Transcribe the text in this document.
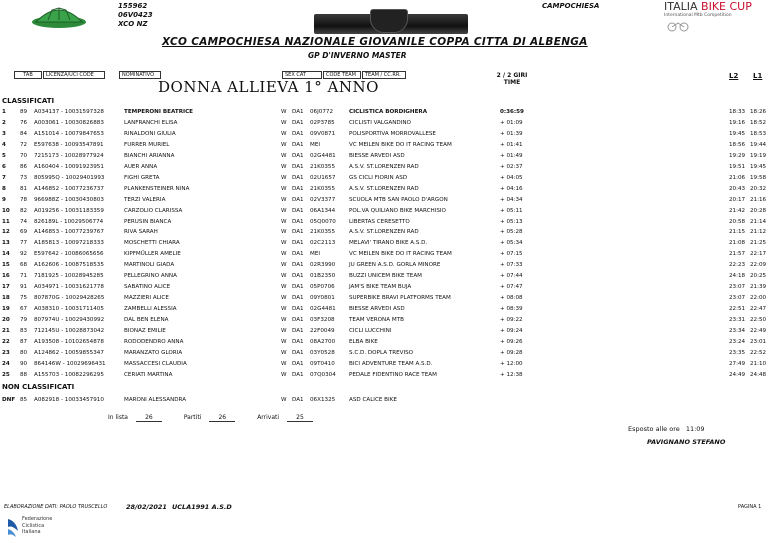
155962
06V0423
XCO NZ
CAMPOCHIESA	ITALIA BIKE CUP
International Mtb Competition
XCO CAMPOCHIESA NAZIONALE GIOVANILE COPPA CITTA DI ALBENGA
GP D'INVERNO MASTER
TAB	LICENZA/UCI CODE	NOMINATIVO	SEX CAT	CODE TEAM	TEAM / CC.RR.	2 / 2 GIRI
TIME
L2 L1
DONNA ALLIEVA 1° ANNO
CLASSIFICATI
1	89 A034137 - 10031597328	TEMPERONI BEATRICE	W DA1 06J0772	CICLISTICA BORDIGHERA	0:36:59	18:33 18:26
2	76 A003061 - 10030826883	LANFRANCHI ELISA	W DA1 02P3785	CICLISTI VALGANDINO	+ 01:09	19:16 18:52
3	84 A151014 - 10079847653	RINALDONI GIULIA	W DA1 09V0871 POLISPORTIVA MORROVALLESE	+ 01:39	19:45 18:53
4	72 E597638 - 10093547891	FURRER MURIEL	W DA1 MEI	VC MEILEN BIKE DO IT RACING TEAM	+ 01:41	18:56 19:44
5	70 7215173 - 10028977924	BIANCHI ARIANNA	W DA1 02G4481 BIESSE ARVEDI ASD	+ 01:49	19:29 19:19
6	86 A160404 - 10091923951	AUER ANNA	W DA1 21K0355 A.S.V. ST.LORENZEN RAD	+ 02:37	19:51 19:45
7	73 805995Q - 10029401993	FIGHI GRETA	W DA1 02U1657 GS CICLI FIORIN ASD	+ 04:05	21:06 19:58
8	81 A146852 - 10077236737	PLANKENSTEINER NINA	W DA1 21K0355 A.S.V. ST.LORENZEN RAD	+ 04:16	20:43 20:32
9	78 966988Z - 10030430803	TERZI VALERIA	W DA1 02V3377 SCUOLA MTB SAN PAOLO D'ARGON	+ 04:34	20:17 21:16
10 82 A019256 - 10031183359	CARZOLIO CLARISSA	W DA1 06A1344 POL.VA QUILIANO BIKE MARCHISIO	+ 05:11	21:42 20:28
11 74 826189L - 10029506774	PERUSIN BIANCA	W DA1 05Q0070 LIBERTAS CERESETTO	+ 05:13	20:58 21:14
12 69 A146853 - 10077239767	RIVA SARAH	W DA1 21K0355 A.S.V. ST.LORENZEN RAD	+ 05:28	21:15 21:12
13 77 A185813 - 10097218333	MOSCHETTI CHIARA	W DA1 02C2113 MELAVI' TIRANO BIKE A.S.D.	+ 05:34	21:08 21:25
14 92 E597642 - 10086065656	KIPFMÜLLER AMELIE	W DA1 MEI	VC MEILEN BIKE DO IT RACING TEAM	+ 07:15	21:57 22:17
15 68 A162606 - 10087518535	MARTINOLI GIADA	W DA1 02R3990 JU GREEN A.S.D. GORLA MINORE	+ 07:33	22:23 22:09
16 71 7181925 - 10028945285	PELLEGRINO ANNA	W DA1 01B2350 BUZZI UNICEM BIKE TEAM	+ 07:44	24:18 20:25
17 91 A034971 - 10031621778	SABATINO ALICE	W DA1 05P0706	JAM'S BIKE TEAM BUJA	+ 07:47	23:07 21:39
18 75 807870G - 10029428265	MAZZIERI ALICE	W DA1 09Y0801	SUPERBIKE BRAVI PLATFORMS TEAM	+ 08:08	23:07 22:00
19 67 A038310 - 10031711405	ZAMBELLI ALESSIA	W DA1 02G4481 BIESSE ARVEDI ASD	+ 08:39	22:51 22:47
20 79 807974U - 10029430992	DAL BEN ELENA	W DA1 03F3208	TEAM VERONA MTB	+ 09:22	23:31 22:50
21 83 712145U - 10028873042	BIONAZ EMILIE	W DA1 22F0049	CICLI LUCCHINI	+ 09:24	23:34 22:49
22 87 A193508 - 10102654878	RODODENDRO ANNA	W DA1 08A2700 ELBA BIKE	+ 09:26	23:24 23:01
23 80 A124862 - 10059855347	MARANZATO GLORIA	W DA1 03Y0528	S.C.D. DOPLA TREVISO	+ 09:28	23:35 22:52
24 90 864146W - 10029696431	MASSACCESI CLAUDIA	W DA1 09T0410	BICI ADVENTURE TEAM A.S.D.	+ 12:00	27:49 21:10
25 88 A155703 - 10082296295	CERIATI MARTINA	W DA1 07Q0304 PEDALE FIDENTINO RACE TEAM	+ 12:38	24:49 24:48
NON CLASSIFICATI
DNF 85 A082918 - 10033457910	MARONI ALESSANDRA	W DA1 06X1325 ASD CALICE BIKE
In lista	26	Partiti	26	Arrivati	25
Esposto alle ore 11:09
PAVIGNANO STEFANO
ELABORAZIONE DATI: PAOLO TRUSCELLO	28/02/2021 UCLA1991 A.S.D	PAGINA 1
Federazione
Ciclistica
Italiana
